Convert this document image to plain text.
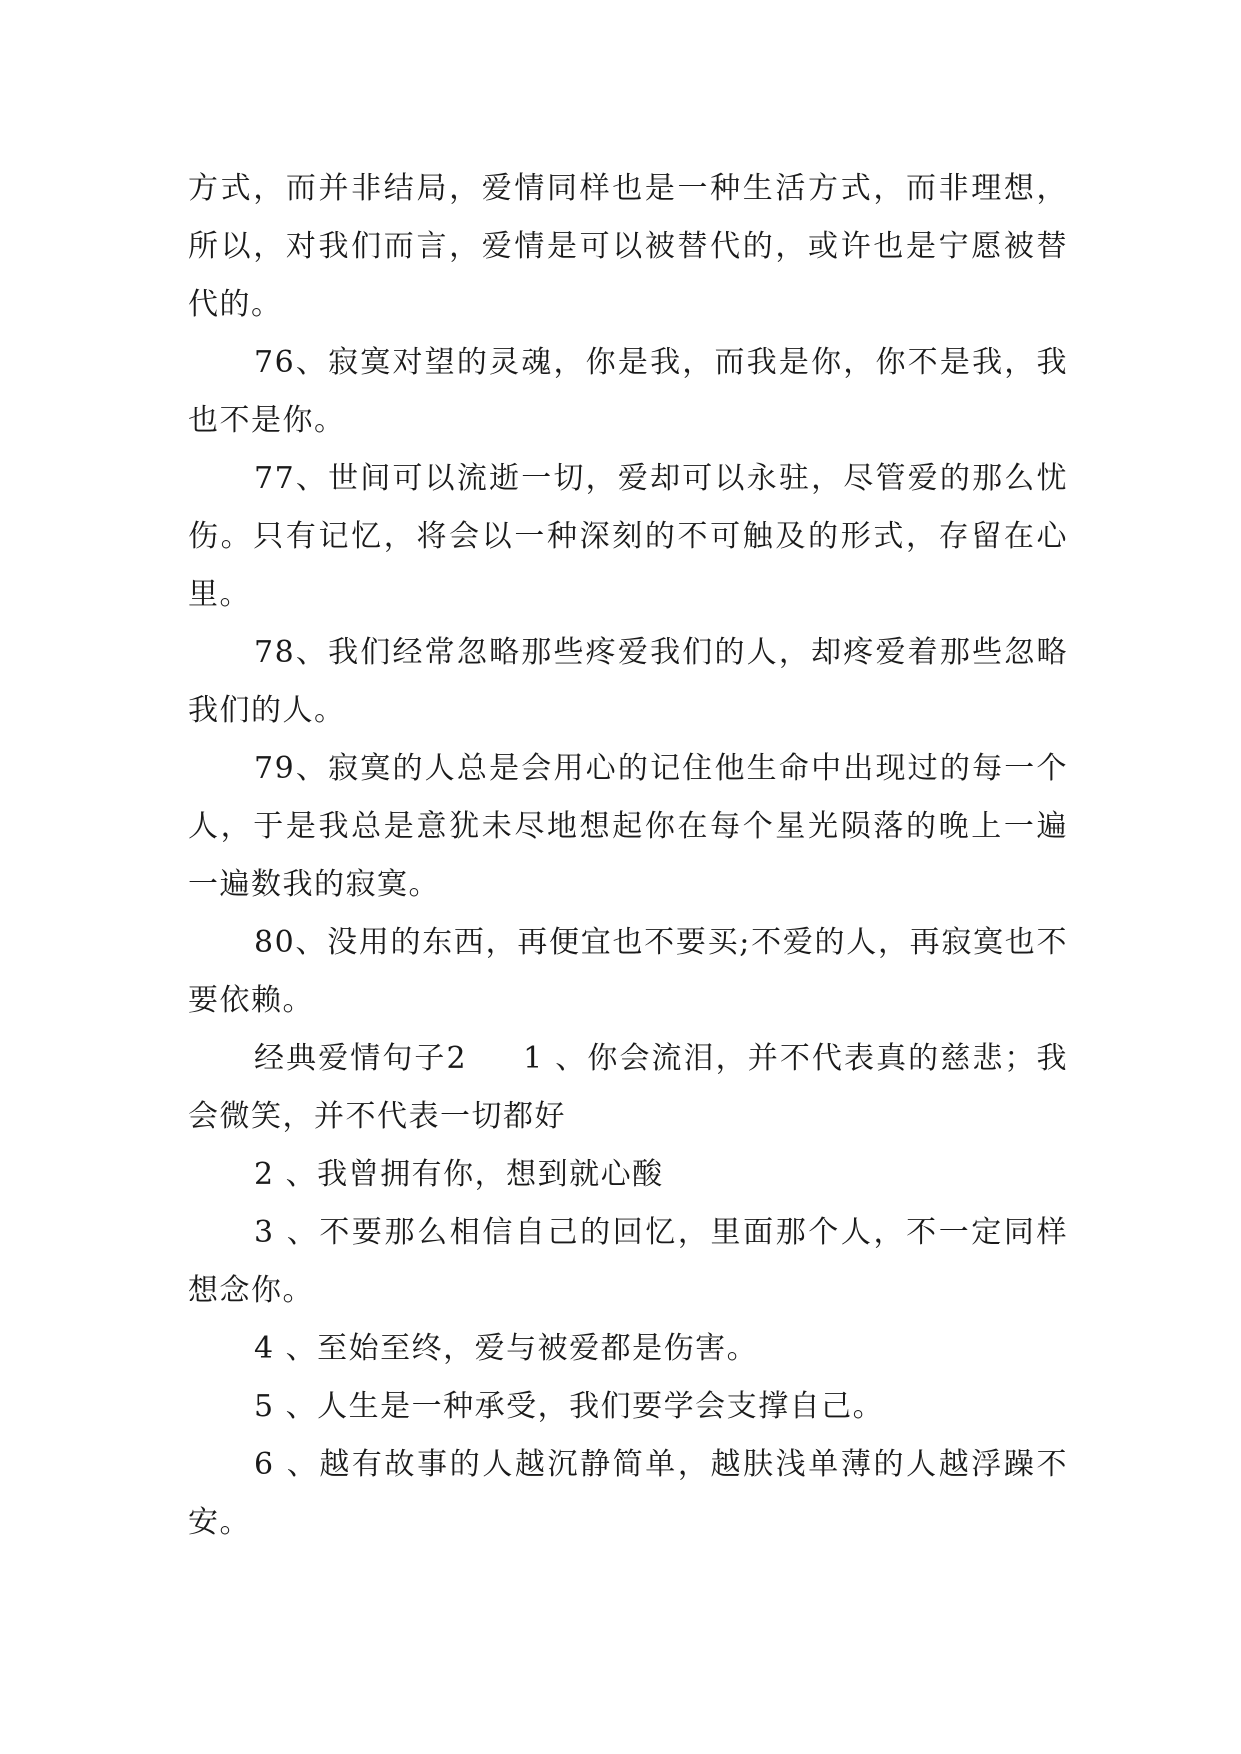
方式，而并非结局，爱情同样也是一种生活方式，而非理想，所以，对我们而言，爱情是可以被替代的，或许也是宁愿被替代的。

76、寂寞对望的灵魂，你是我，而我是你，你不是我，我也不是你。

77、世间可以流逝一切，爱却可以永驻，尽管爱的那么忧伤。只有记忆，将会以一种深刻的不可触及的形式，存留在心里。

78、我们经常忽略那些疼爱我们的人，却疼爱着那些忽略我们的人。

79、寂寞的人总是会用心的记住他生命中出现过的每一个人，于是我总是意犹未尽地想起你在每个星光陨落的晚上一遍一遍数我的寂寞。

80、没用的东西，再便宜也不要买;不爱的人，再寂寞也不要依赖。

经典爱情句子2 1 、你会流泪，并不代表真的慈悲；我会微笑，并不代表一切都好

2 、我曾拥有你，想到就心酸

3 、不要那么相信自己的回忆，里面那个人，不一定同样想念你。

4 、至始至终，爱与被爱都是伤害。

5 、人生是一种承受，我们要学会支撑自己。

6 、越有故事的人越沉静简单，越肤浅单薄的人越浮躁不安。
